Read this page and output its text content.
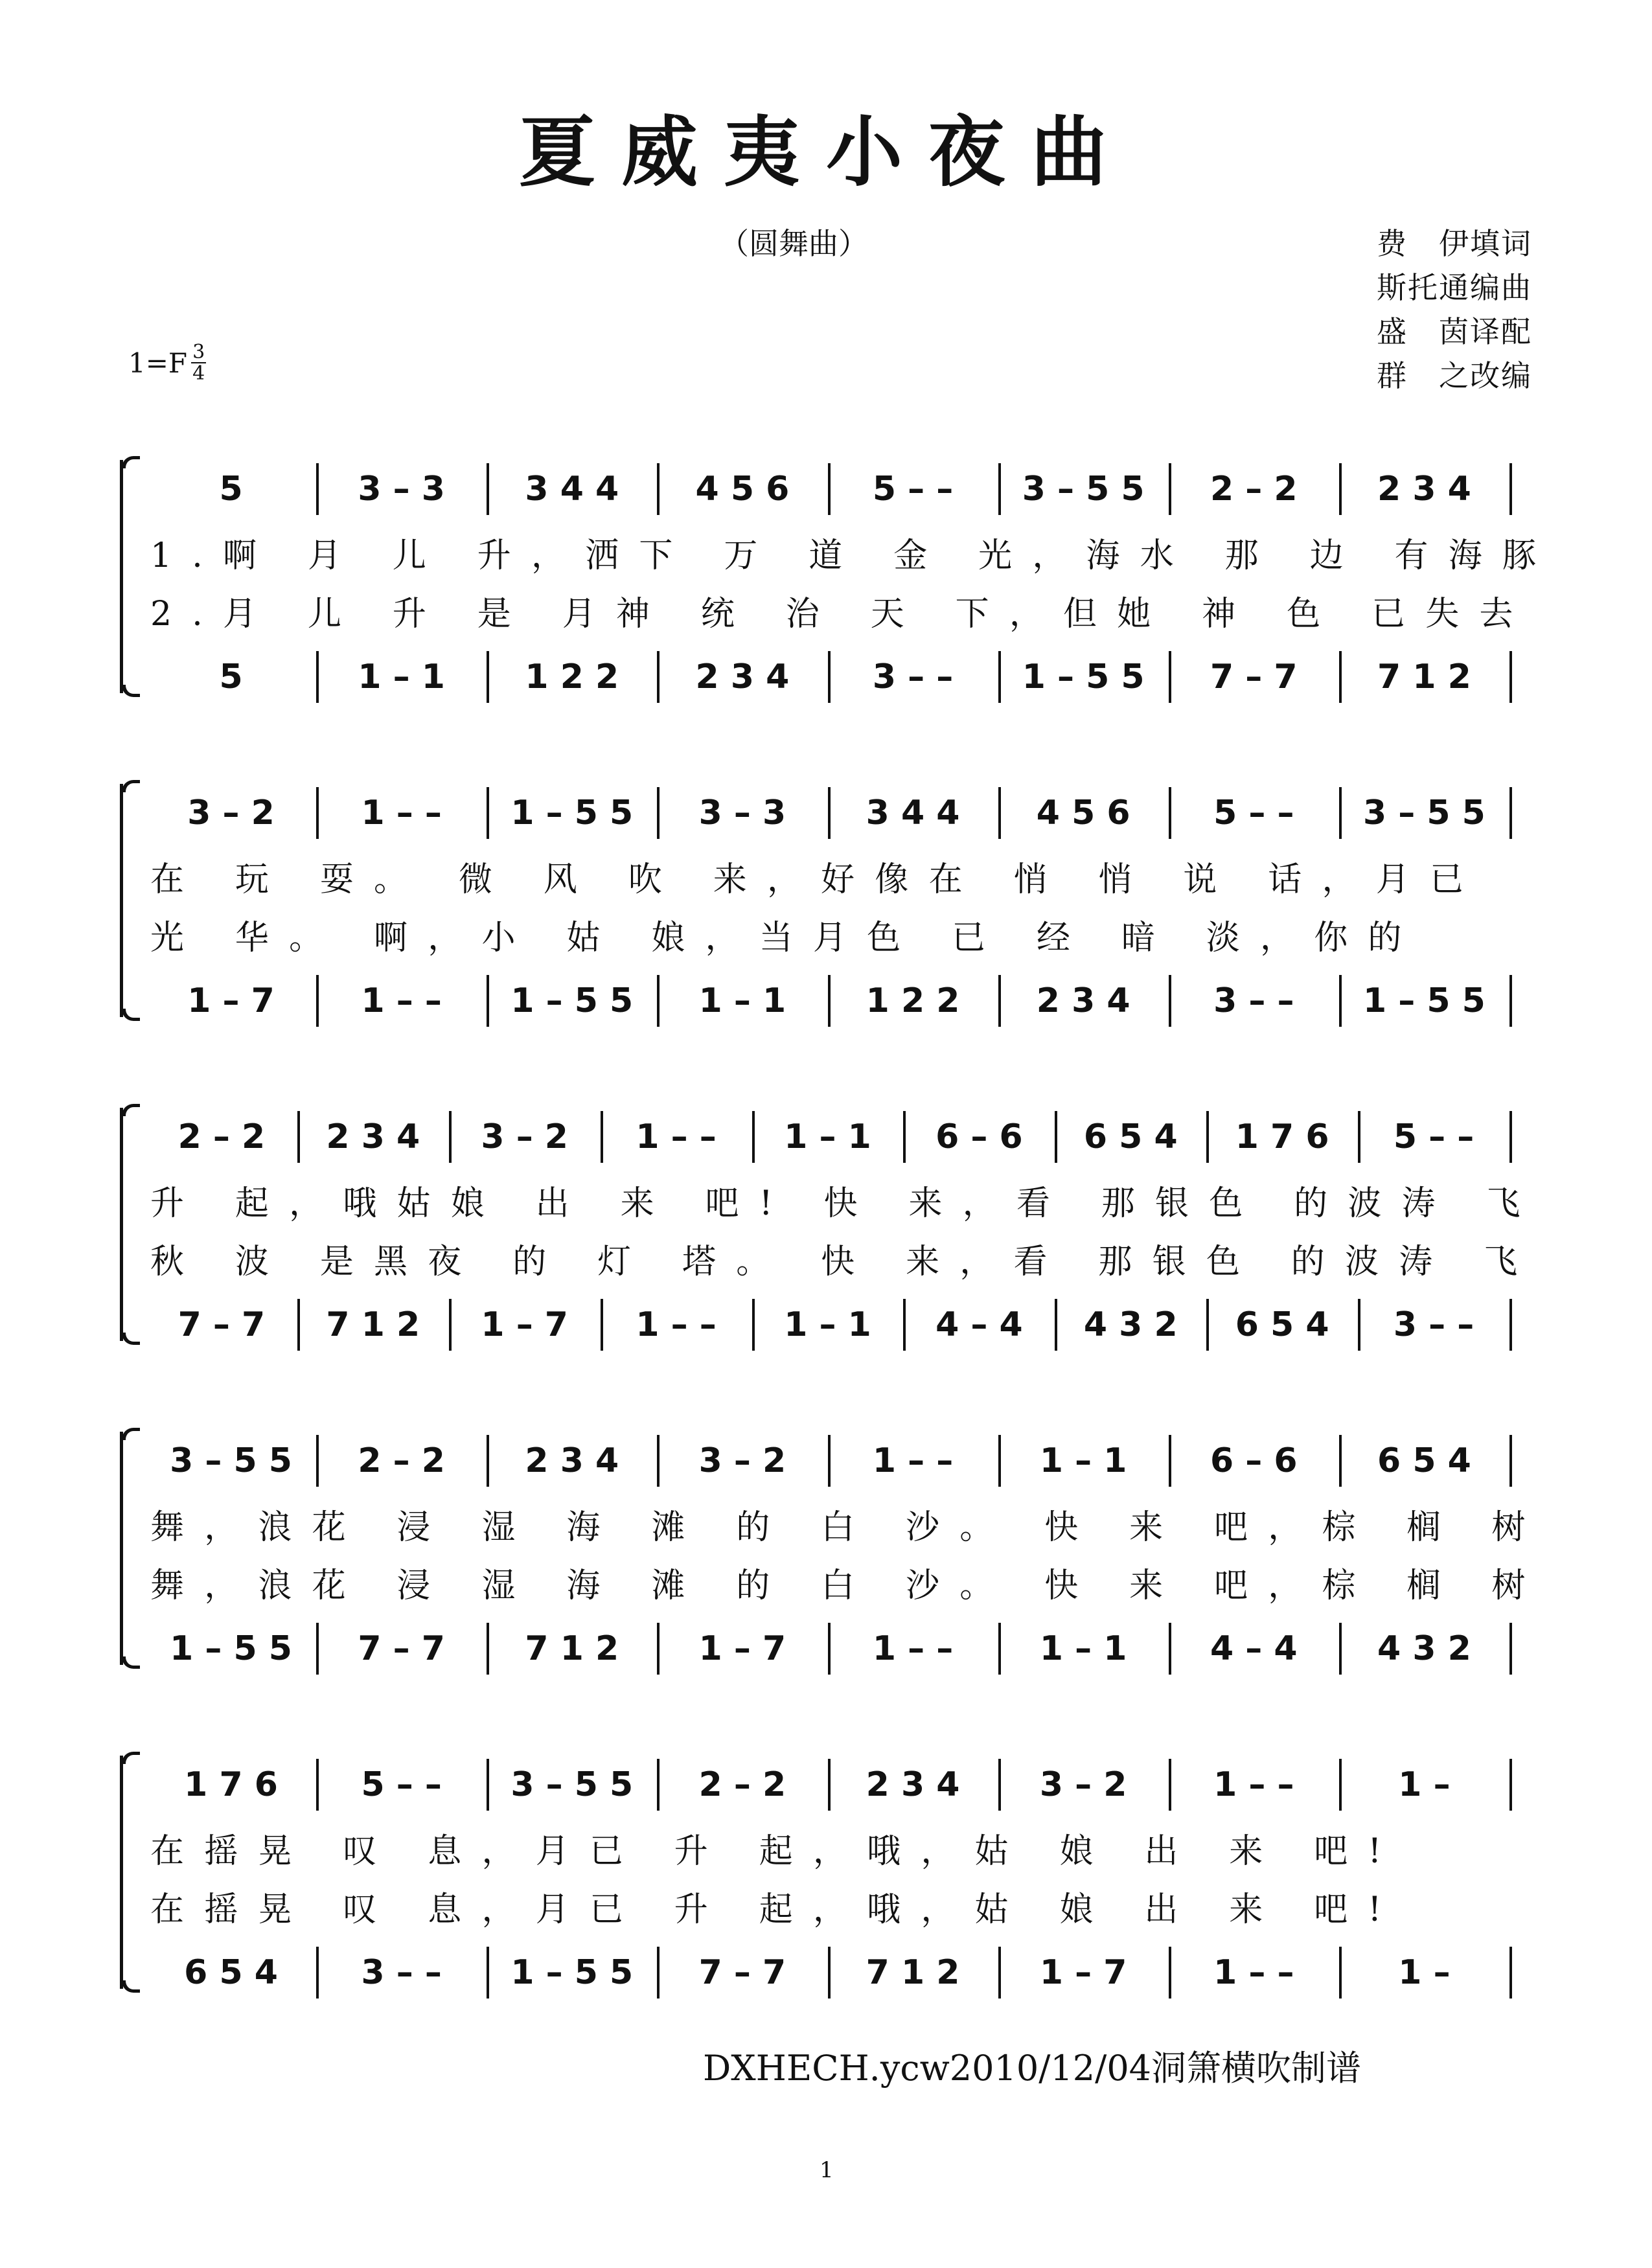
夏威夷小夜曲
（圆舞曲）	费　伊填词
斯托通编曲
盛　茵译配
群　之改编
$1=F \frac{3}{4}$
5	3 – 3	3 4 4	4 5 6	5 – –	3 – 5 5	2 – 2	2 3 4
5	1 – 1	1 2 2	2 3 4	3 – –	1 – 5 5	7 – 7	7 1 2
1.啊 月 儿 升，洒下 万 道 金 光，海水 那 边 有海豚
2.月 儿 升 是 月神 统 治 天 下，但她 神 色 已失去
3 – 2	1 – –	1 – 5 5	3 – 3	3 4 4	4 5 6	5 – –	3 – 5 5
1 – 7	1 – –	1 – 5 5	1 – 1	1 2 2	2 3 4	3 – –	1 – 5 5
在 玩 耍。 微 风 吹 来，好像在 悄 悄 说 话，月已
光 华。 啊，小 姑 娘，当月色 已 经 暗 淡，你的
2 – 2	2 3 4	3 – 2	1 – –	1 – 1	6 – 6	6 5 4	1 7 6	5 – –
7 – 7	7 1 2	1 – 7	1 – –	1 – 1	4 – 4	4 3 2	6 5 4	3 – –
升 起，哦姑娘 出 来 吧! 快 来，看 那银色 的波涛 飞
秋 波 是黑夜 的 灯 塔。 快 来，看 那银色 的波涛 飞
3 – 5 5	2 – 2	2 3 4	3 – 2	1 – –	1 – 1	6 – 6	6 5 4
1 – 5 5	7 – 7	7 1 2	1 – 7	1 – –	1 – 1	4 – 4	4 3 2
舞，浪花 浸 湿 海 滩 的 白 沙。 快 来 吧，棕 榈 树
舞，浪花 浸 湿 海 滩 的 白 沙。 快 来 吧，棕 榈 树
1 7 6	5 – –	3 – 5 5	2 – 2	2 3 4	3 – 2	1 – –	1 –
6 5 4	3 – –	1 – 5 5	7 – 7	7 1 2	1 – 7	1 – –	1 –
在摇晃 叹 息，月已 升 起，哦，姑 娘 出 来 吧!
在摇晃 叹 息，月已 升 起，哦，姑 娘 出 来 吧!
DXHECH.ycw2010/12/04洞箫横吹制谱
1
